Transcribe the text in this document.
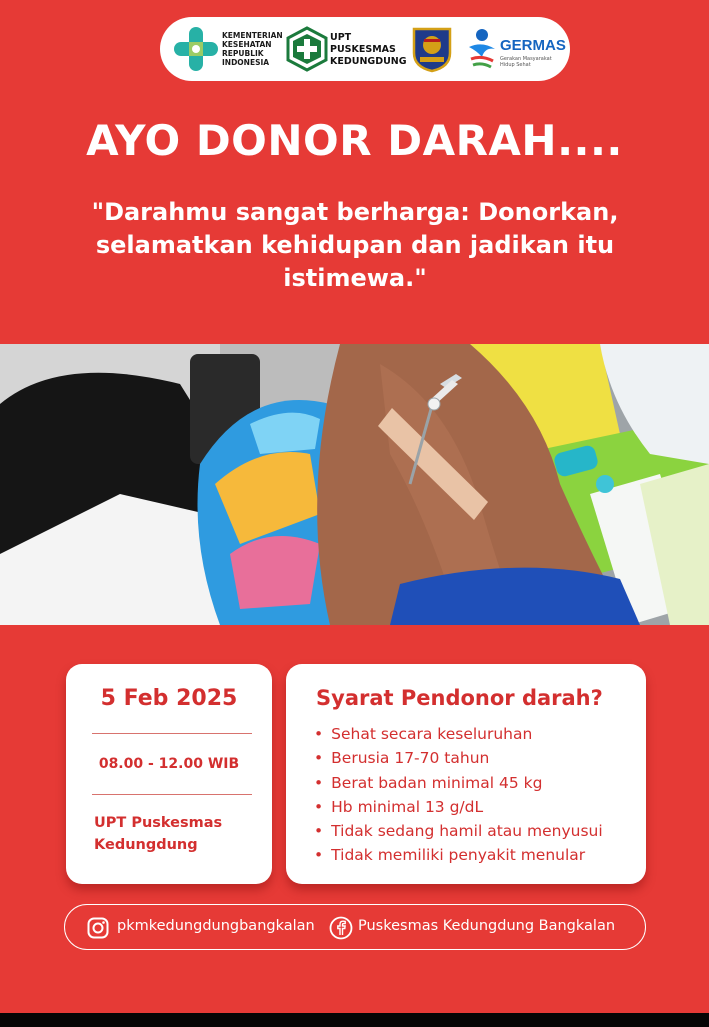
KEMENTERIAN
KESEHATAN
REPUBLIK
INDONESIA
UPT
PUSKESMAS
KEDUNGDUNG
GERMAS
Gerakan Masyarakat Hidup Sehat
AYO DONOR DARAH....
"Darahmu sangat berharga: Donorkan, selamatkan kehidupan dan jadikan itu istimewa."
5 Feb 2025
08.00 - 12.00 WIB
UPT Puskesmas Kedungdung
Syarat Pendonor darah?
• Sehat secara keseluruhan
• Berusia 17-70 tahun
• Berat badan minimal 45 kg
• Hb minimal 13 g/dL
• Tidak sedang hamil atau menyusui
• Tidak memiliki penyakit menular
pkmkedungdungbangkalan	Puskesmas Kedungdung Bangkalan
